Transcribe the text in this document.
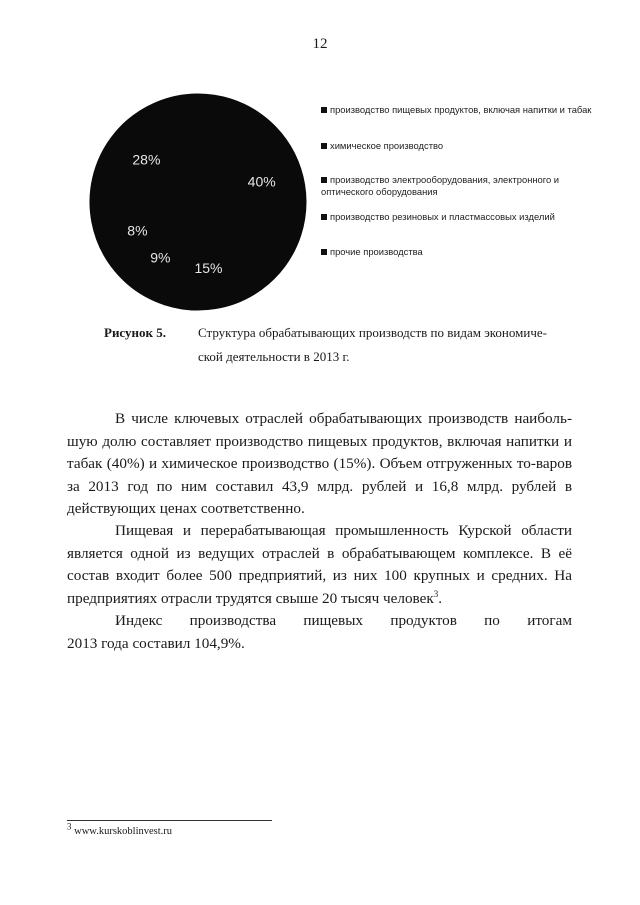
12
40%
15%
9%
8%
28%
производство пищевых продуктов, включая напитки и табак
химическое производство
производство электрооборудования, электронного и оптического оборудования
производство резиновых и пластмассовых изделий
прочие производства
Рисунок 5. Структура обрабатывающих производств по видам экономиче-
ской деятельности в 2013 г.
В числе ключевых отраслей обрабатывающих производств наиболь-шую долю составляет производство пищевых продуктов, включая напитки и табак (40%) и химическое производство (15%). Объем отгруженных то-варов за 2013 год по ним составил 43,9 млрд. рублей и 16,8 млрд. рублей в действующих ценах соответственно.
Пищевая и перерабатывающая промышленность Курской области является одной из ведущих отраслей в обрабатывающем комплексе. В её состав входит более 500 предприятий, из них 100 крупных и средних. На предприятиях отрасли трудятся свыше 20 тысяч человек$^3$.
Индекс производства пищевых продуктов по итогам
2013 года составил 104,9%.
$^3$ www.kurskoblinvest.ru
